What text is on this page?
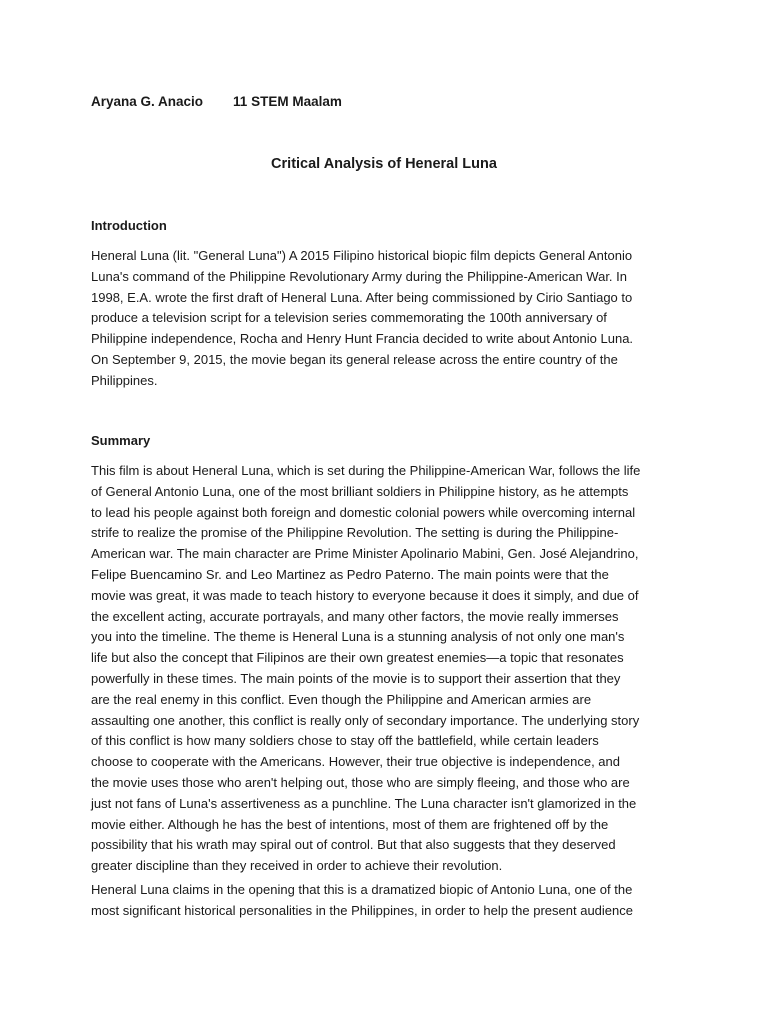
Aryana G. Anacio 11 STEM Maalam
Critical Analysis of Heneral Luna
Introduction
Heneral Luna (lit. "General Luna") A 2015 Filipino historical biopic film depicts General Antonio
Luna's command of the Philippine Revolutionary Army during the Philippine-American War. In
1998, E.A. wrote the first draft of Heneral Luna. After being commissioned by Cirio Santiago to
produce a television script for a television series commemorating the 100th anniversary of
Philippine independence, Rocha and Henry Hunt Francia decided to write about Antonio Luna.
On September 9, 2015, the movie began its general release across the entire country of the
Philippines.
Summary
This film is about Heneral Luna, which is set during the Philippine-American War, follows the life
of General Antonio Luna, one of the most brilliant soldiers in Philippine history, as he attempts
to lead his people against both foreign and domestic colonial powers while overcoming internal
strife to realize the promise of the Philippine Revolution. The setting is during the Philippine-
American war. The main character are Prime Minister Apolinario Mabini, Gen. José Alejandrino,
Felipe Buencamino Sr. and Leo Martinez as Pedro Paterno. The main points were that the
movie was great, it was made to teach history to everyone because it does it simply, and due of
the excellent acting, accurate portrayals, and many other factors, the movie really immerses
you into the timeline. The theme is Heneral Luna is a stunning analysis of not only one man's
life but also the concept that Filipinos are their own greatest enemies—a topic that resonates
powerfully in these times. The main points of the movie is to support their assertion that they
are the real enemy in this conflict. Even though the Philippine and American armies are
assaulting one another, this conflict is really only of secondary importance. The underlying story
of this conflict is how many soldiers chose to stay off the battlefield, while certain leaders
choose to cooperate with the Americans. However, their true objective is independence, and
the movie uses those who aren't helping out, those who are simply fleeing, and those who are
just not fans of Luna's assertiveness as a punchline. The Luna character isn't glamorized in the
movie either. Although he has the best of intentions, most of them are frightened off by the
possibility that his wrath may spiral out of control. But that also suggests that they deserved
greater discipline than they received in order to achieve their revolution.
Heneral Luna claims in the opening that this is a dramatized biopic of Antonio Luna, one of the
most significant historical personalities in the Philippines, in order to help the present audience
